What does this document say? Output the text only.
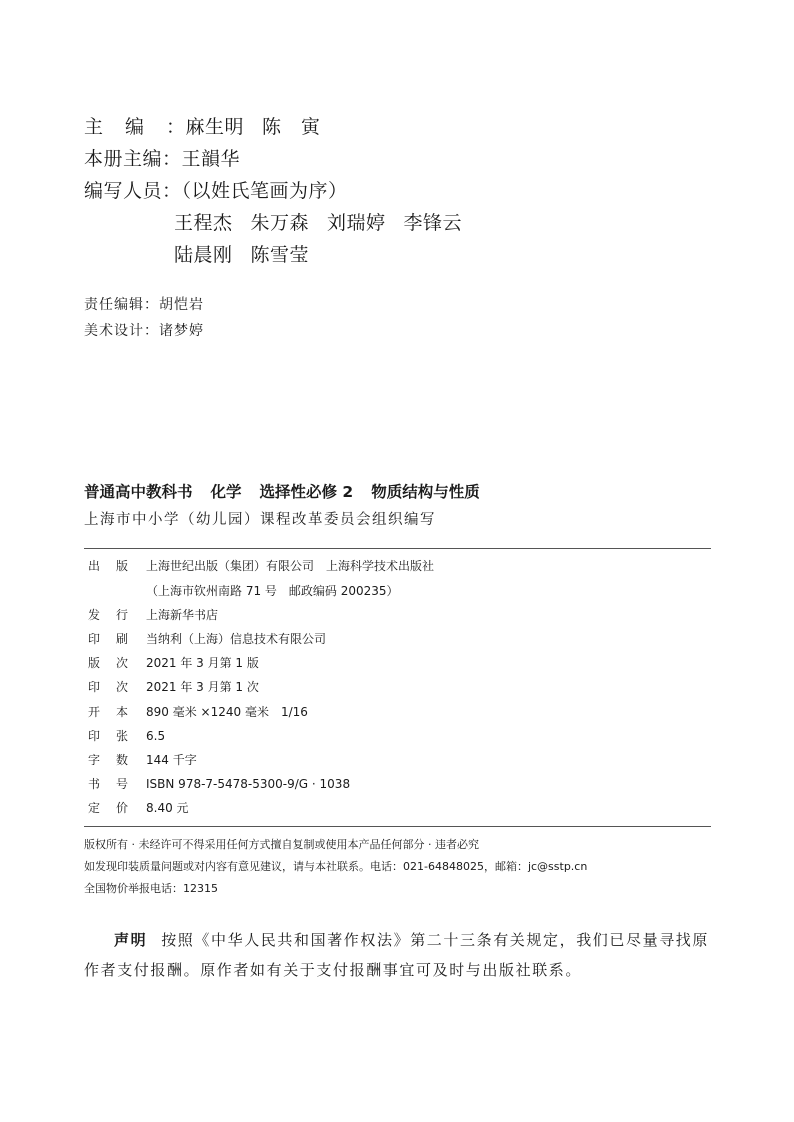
主编：麻生明 陈　寅
本册主编：王韻华
编写人员：（以姓氏笔画为序）
王程杰 朱万森 刘瑞婷 李锋云
陆晨刚 陈雪莹
责任编辑：胡恺岩
美术设计：诸梦婷
普通高中教科书 化学 选择性必修 2 物质结构与性质
上海市中小学（幼儿园）课程改革委员会组织编写
出版 上海世纪出版（集团）有限公司　上海科学技术出版社
（上海市钦州南路 71 号　邮政编码 200235）
发行 上海新华书店
印刷 当纳利（上海）信息技术有限公司
版次 2021 年 3 月第 1 版
印次 2021 年 3 月第 1 次
开本 890 毫米 ×1240 毫米　1/16
印张 6.5
字数 144 千字
书号 ISBN 978-7-5478-5300-9/G · 1038
定价 8.40 元
版权所有 · 未经许可不得采用任何方式擅自复制或使用本产品任何部分 · 违者必究
如发现印装质量问题或对内容有意见建议，请与本社联系。电话：021-64848025，邮箱：jc@sstp.cn
全国物价举报电话：12315
声明 按照《中华人民共和国著作权法》第二十三条有关规定，我们已尽量寻找原作者支付报酬。原作者如有关于支付报酬事宜可及时与出版社联系。
